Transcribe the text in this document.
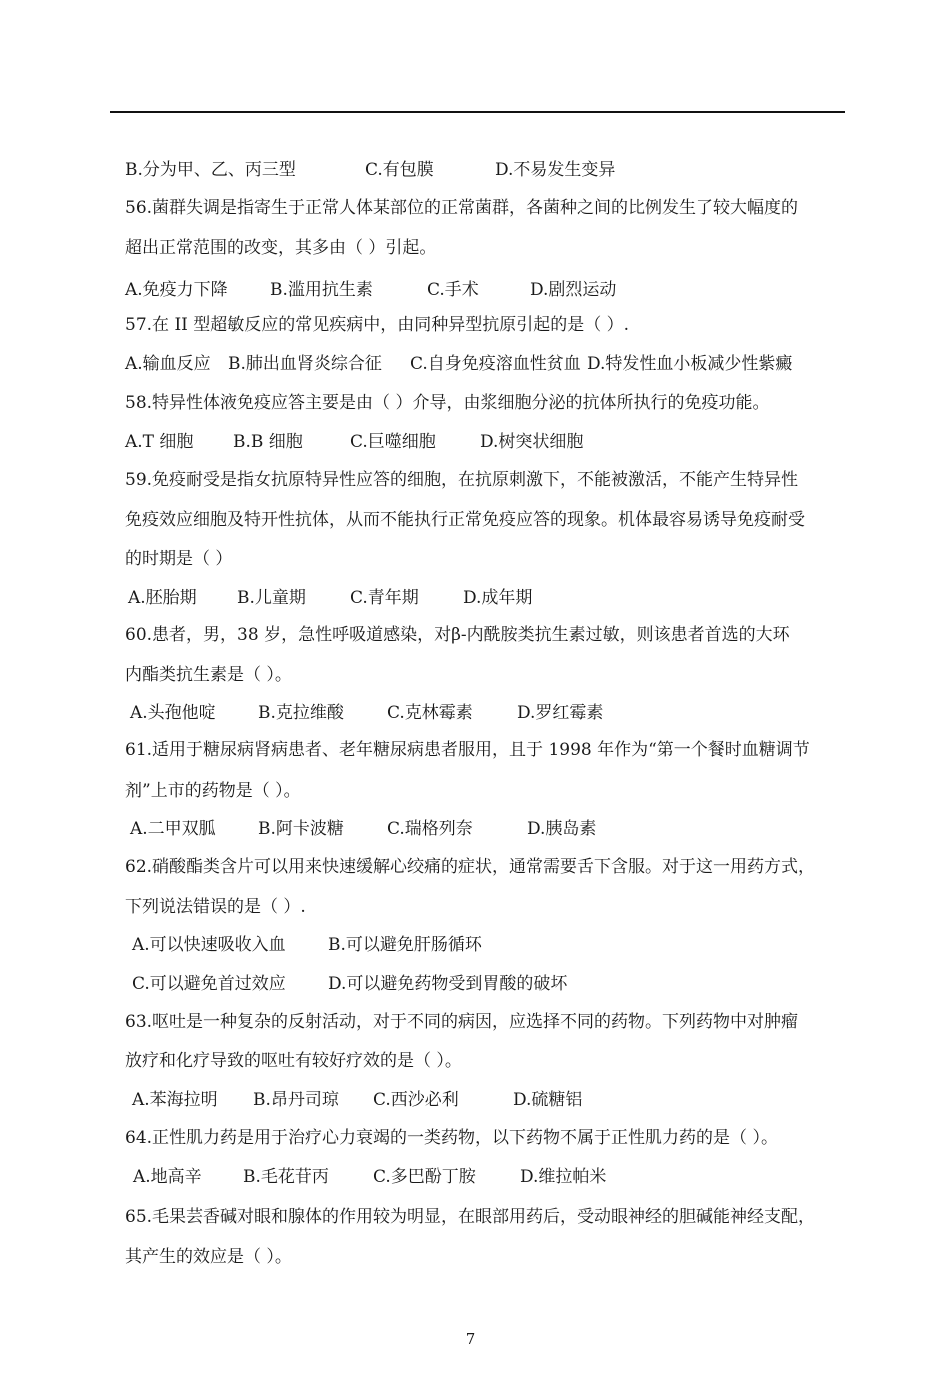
B.分为甲、乙、丙三型	C.有包膜	D.不易发生变异
56.菌群失调是指寄生于正常人体某部位的正常菌群，各菌种之间的比例发生了较大幅度的
超出正常范围的改变，其多由（ ）引起。
A.免疫力下降 B.滥用抗生素	C.手术	D.剧烈运动
57.在 II 型超敏反应的常见疾病中，由同种异型抗原引起的是（ ）.
A.输血反应 B.肺出血肾炎综合征 C.自身免疫溶血性贫血 D.特发性血小板减少性紫癜
58.特异性体液免疫应答主要是由（ ）介导，由浆细胞分泌的抗体所执行的免疫功能。
A.T 细胞 B.B 细胞	C.巨噬细胞	D.树突状细胞
59.免疫耐受是指女抗原特异性应答的细胞，在抗原刺激下，不能被激活，不能产生特异性
免疫效应细胞及特开性抗体，从而不能执行正常免疫应答的现象。机体最容易诱导免疫耐受
的时期是（ ）
A.胚胎期 B.儿童期	C.青年期	D.成年期
60.患者，男，38 岁，急性呼吸道感染，对β-内酰胺类抗生素过敏，则该患者首选的大环
内酯类抗生素是（ ）。
A.头孢他啶 B.克拉维酸	C.克林霉素	D.罗红霉素
61.适用于糖尿病肾病患者、老年糖尿病患者服用，且于 1998 年作为“第一个餐时血糖调节
剂”上市的药物是（ ）。
A.二甲双胍 B.阿卡波糖	C.瑞格列奈	D.胰岛素
62.硝酸酯类含片可以用来快速缓解心绞痛的症状，通常需要舌下含服。对于这一用药方式，
下列说法错误的是（ ）.
A.可以快速吸收入血 B.可以避免肝肠循环
C.可以避免首过效应 D.可以避免药物受到胃酸的破坏
63.呕吐是一种复杂的反射活动，对于不同的病因，应选择不同的药物。下列药物中对肿瘤
放疗和化疗导致的呕吐有较好疗效的是（ ）。
A.苯海拉明 B.昂丹司琼 C.西沙必利	D.硫糖铝
64.正性肌力药是用于治疗心力衰竭的一类药物，以下药物不属于正性肌力药的是（ ）。
A.地高辛 B.毛花苷丙	C.多巴酚丁胺	D.维拉帕米
65.毛果芸香碱对眼和腺体的作用较为明显，在眼部用药后，受动眼神经的胆碱能神经支配，
其产生的效应是（ ）。
7
